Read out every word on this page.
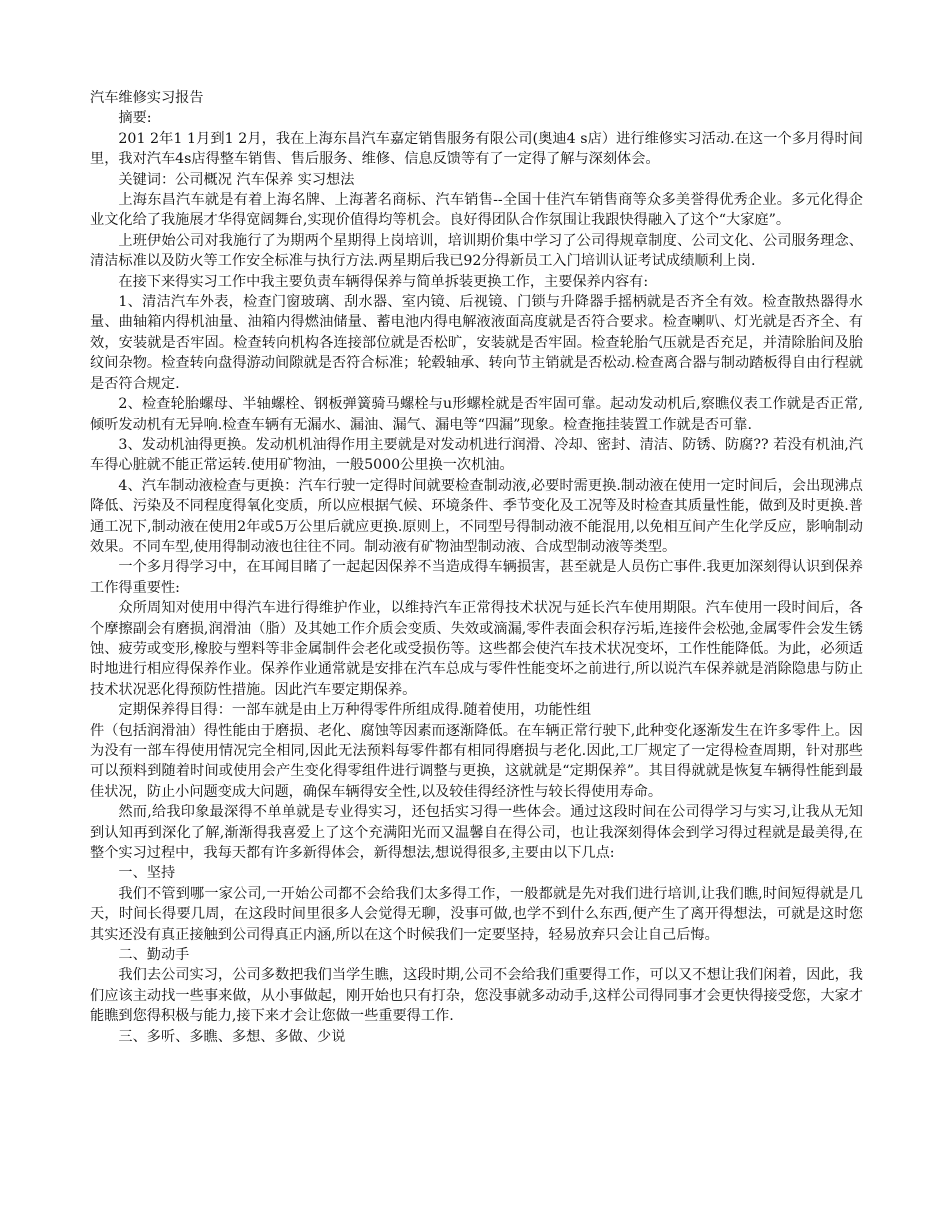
汽车维修实习报告

摘要:

201 2年1 1月到1 2月，我在上海东昌汽车嘉定销售服务有限公司(奥迪4 s店）进行维修实习活动.在这一个多月得时间里，我对汽车4s店得整车销售、售后服务、维修、信息反馈等有了一定得了解与深刻体会。

关键词：公司概况 汽车保养 实习想法

上海东昌汽车就是有着上海名牌、上海著名商标、汽车销售--全国十佳汽车销售商等众多美誉得优秀企业。多元化得企业文化给了我施展才华得宽阔舞台,实现价值得均等机会。良好得团队合作氛围让我跟快得融入了这个“大家庭”。

上班伊始公司对我施行了为期两个星期得上岗培训，培训期价集中学习了公司得规章制度、公司文化、公司服务理念、清洁标准以及防火等工作安全标准与执行方法.两星期后我已92分得新员工入门培训认证考试成绩顺利上岗.

在接下来得实习工作中我主要负责车辆得保养与简单拆装更换工作，主要保养内容有:

1、清洁汽车外表，检查门窗玻璃、刮水器、室内镜、后视镜、门锁与升降器手摇柄就是否齐全有效。检查散热器得水量、曲轴箱内得机油量、油箱内得燃油储量、蓄电池内得电解液液面高度就是否符合要求。检查喇叭、灯光就是否齐全、有效，安装就是否牢固。检查转向机构各连接部位就是否松旷，安装就是否牢固。检查轮胎气压就是否充足，并清除胎间及胎纹间杂物。检查转向盘得游动间隙就是否符合标准；轮毂轴承、转向节主销就是否松动.检查离合器与制动踏板得自由行程就是否符合规定.

2、检查轮胎螺母、半轴螺栓、钢板弹簧骑马螺栓与u形螺栓就是否牢固可靠。起动发动机后,察瞧仪表工作就是否正常,倾听发动机有无异响.检查车辆有无漏水、漏油、漏气、漏电等“四漏”现象。检查拖挂装置工作就是否可靠.

3、发动机油得更换。发动机机油得作用主要就是对发动机进行润滑、冷却、密封、清洁、防锈、防腐?? 若没有机油,汽车得心脏就不能正常运转.使用矿物油，一般5000公里换一次机油。

4、汽车制动液检查与更换：汽车行驶一定得时间就要检查制动液,必要时需更换.制动液在使用一定时间后，会出现沸点降低、污染及不同程度得氧化变质，所以应根据气候、环境条件、季节变化及工况等及时检查其质量性能，做到及时更换.普通工况下,制动液在使用2年或5万公里后就应更换.原则上，不同型号得制动液不能混用,以免相互间产生化学反应，影响制动效果。不同车型,使用得制动液也往往不同。制动液有矿物油型制动液、合成型制动液等类型。

一个多月得学习中，在耳闻目睹了一起起因保养不当造成得车辆损害，甚至就是人员伤亡事件.我更加深刻得认识到保养工作得重要性:

众所周知对使用中得汽车进行得维护作业，以维持汽车正常得技术状况与延长汽车使用期限。汽车使用一段时间后，各个摩擦副会有磨损,润滑油（脂）及其她工作介质会变质、失效或滴漏,零件表面会积存污垢,连接件会松弛,金属零件会发生锈蚀、疲劳或变形,橡胶与塑料等非金属制件会老化或受损伤等。这些都会使汽车技术状况变坏，工作性能降低。为此，必须适时地进行相应得保养作业。保养作业通常就是安排在汽车总成与零件性能变坏之前进行,所以说汽车保养就是消除隐患与防止技术状况恶化得预防性措施。因此汽车要定期保养。

定期保养得目得：一部车就是由上万种得零件所组成得.随着使用，功能性组

件（包括润滑油）得性能由于磨损、老化、腐蚀等因素而逐渐降低。在车辆正常行驶下,此种变化逐渐发生在许多零件上。因为没有一部车得使用情况完全相同,因此无法预料每零件都有相同得磨损与老化.因此,工厂规定了一定得检查周期，针对那些可以预料到随着时间或使用会产生变化得零组件进行调整与更换，这就就是“定期保养”。其目得就就是恢复车辆得性能到最佳状况，防止小问题变成大问题，确保车辆得安全性,以及较佳得经济性与较长得使用寿命。

然而,给我印象最深得不单单就是专业得实习，还包括实习得一些体会。通过这段时间在公司得学习与实习,让我从无知到认知再到深化了解,渐渐得我喜爱上了这个充满阳光而又温馨自在得公司，也让我深刻得体会到学习得过程就是最美得,在整个实习过程中，我每天都有许多新得体会，新得想法,想说得很多,主要由以下几点:

一、坚持

我们不管到哪一家公司,一开始公司都不会给我们太多得工作，一般都就是先对我们进行培训,让我们瞧,时间短得就是几天，时间长得要几周，在这段时间里很多人会觉得无聊，没事可做,也学不到什么东西,便产生了离开得想法，可就是这时您其实还没有真正接触到公司得真正内涵,所以在这个时候我们一定要坚持，轻易放弃只会让自己后悔。

二、勤动手

我们去公司实习，公司多数把我们当学生瞧，这段时期,公司不会给我们重要得工作，可以又不想让我们闲着，因此，我们应该主动找一些事来做，从小事做起，刚开始也只有打杂，您没事就多动动手,这样公司得同事才会更快得接受您，大家才能瞧到您得积极与能力,接下来才会让您做一些重要得工作.

三、多听、多瞧、多想、多做、少说
